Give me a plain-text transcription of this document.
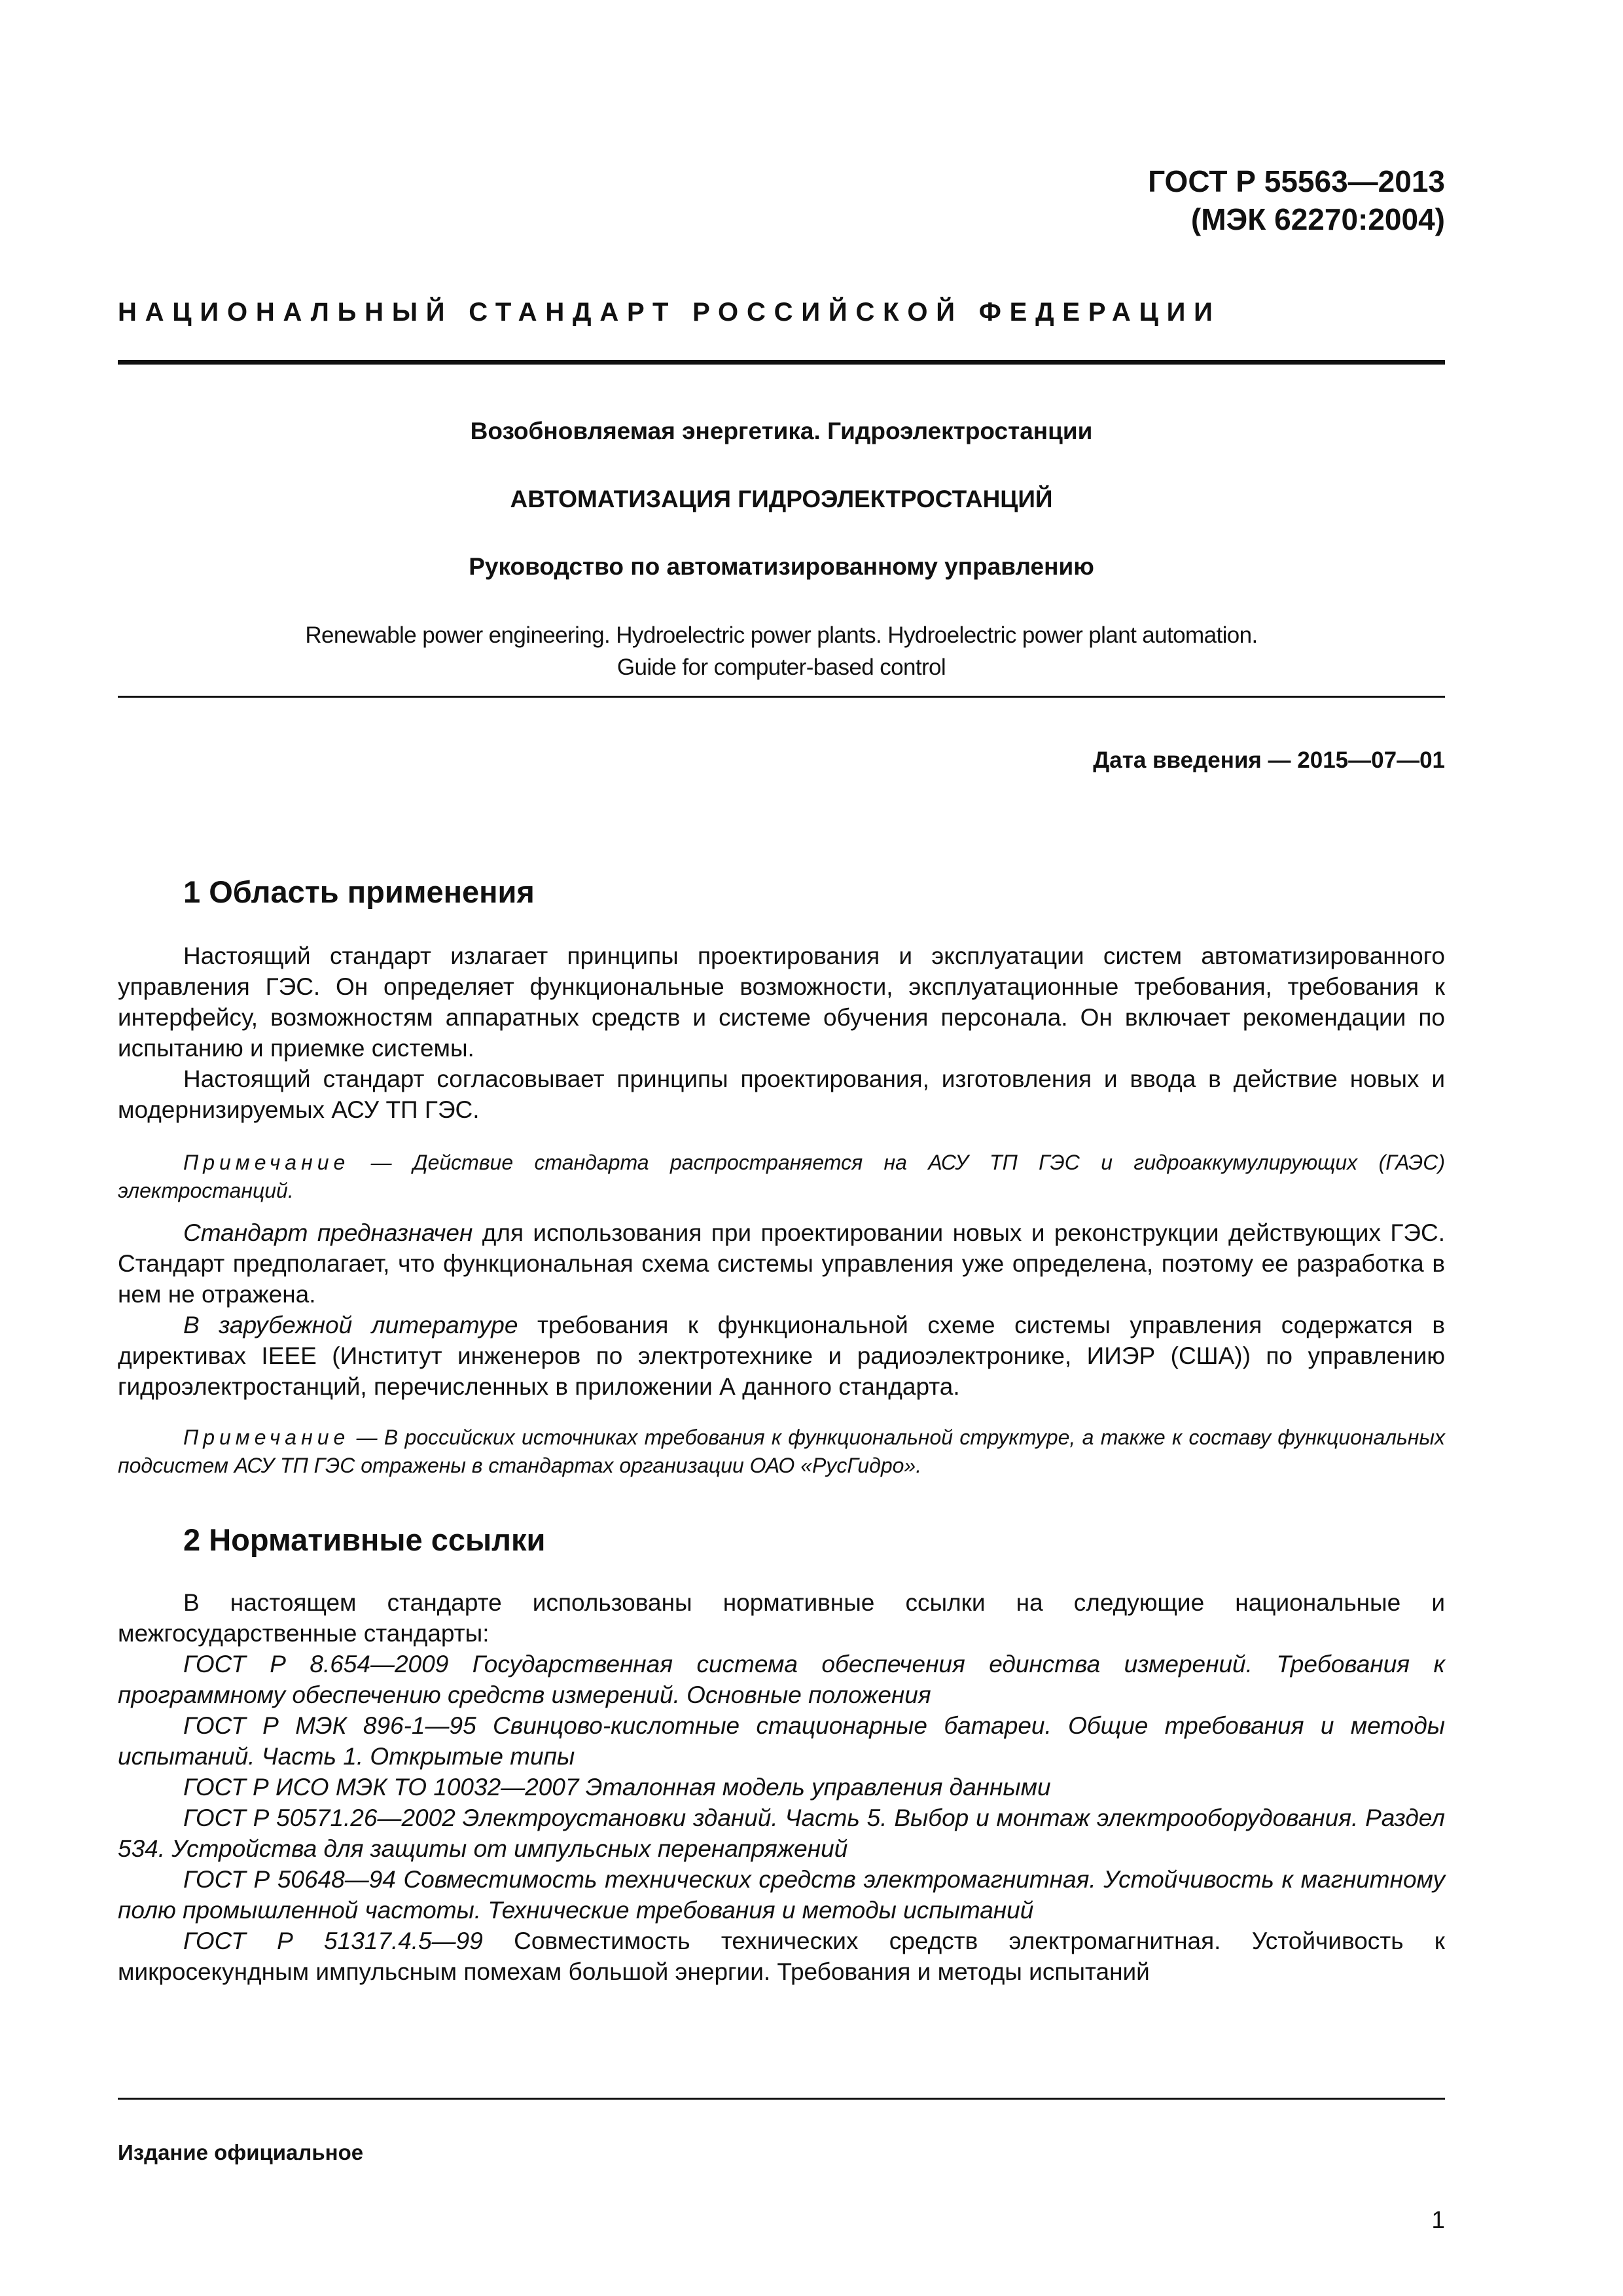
ГОСТ Р 55563—2013
(МЭК 62270:2004)
НАЦИОНАЛЬНЫЙ СТАНДАРТ РОССИЙСКОЙ ФЕДЕРАЦИИ
Возобновляемая энергетика. Гидроэлектростанции
АВТОМАТИЗАЦИЯ ГИДРОЭЛЕКТРОСТАНЦИЙ
Руководство по автоматизированному управлению
Renewable power engineering. Hydroelectric power plants. Hydroelectric power plant automation.
Guide for computer-based control
Дата введения — 2015—07—01
1 Область применения

Настоящий стандарт излагает принципы проектирования и эксплуатации систем автоматизированного управления ГЭС. Он определяет функциональные возможности, эксплуатационные требования, требования к интерфейсу, возможностям аппаратных средств и системе обучения персонала. Он включает рекомендации по испытанию и приемке системы.

Настоящий стандарт согласовывает принципы проектирования, изготовления и ввода в действие новых и модернизируемых АСУ ТП ГЭС.

Примечание — Действие стандарта распространяется на АСУ ТП ГЭС и гидроаккумулирующих (ГАЭС) электростанций.

Стандарт предназначен для использования при проектировании новых и реконструкции действующих ГЭС. Стандарт предполагает, что функциональная схема системы управления уже определена, поэтому ее разработка в нем не отражена.

В зарубежной литературе требования к функциональной схеме системы управления содержатся в директивах IEEE (Институт инженеров по электротехнике и радиоэлектронике, ИИЭР (США)) по управлению гидроэлектростанций, перечисленных в приложении А данного стандарта.

Примечание — В российских источниках требования к функциональной структуре, а также к составу функциональных подсистем АСУ ТП ГЭС отражены в стандартах организации ОАО «РусГидро».

2 Нормативные ссылки

В настоящем стандарте использованы нормативные ссылки на следующие национальные и межгосударственные стандарты:

ГОСТ Р 8.654—2009 Государственная система обеспечения единства измерений. Требования к программному обеспечению средств измерений. Основные положения

ГОСТ Р МЭК 896-1—95 Свинцово-кислотные стационарные батареи. Общие требования и методы испытаний. Часть 1. Открытые типы

ГОСТ Р ИСО МЭК ТО 10032—2007 Эталонная модель управления данными

ГОСТ Р 50571.26—2002 Электроустановки зданий. Часть 5. Выбор и монтаж электрооборудования. Раздел 534. Устройства для защиты от импульсных перенапряжений

ГОСТ Р 50648—94 Совместимость технических средств электромагнитная. Устойчивость к магнитному полю промышленной частоты. Технические требования и методы испытаний

ГОСТ Р 51317.4.5—99 Совместимость технических средств электромагнитная. Устойчивость к микросекундным импульсным помехам большой энергии. Требования и методы испытаний

Издание официальное
1
